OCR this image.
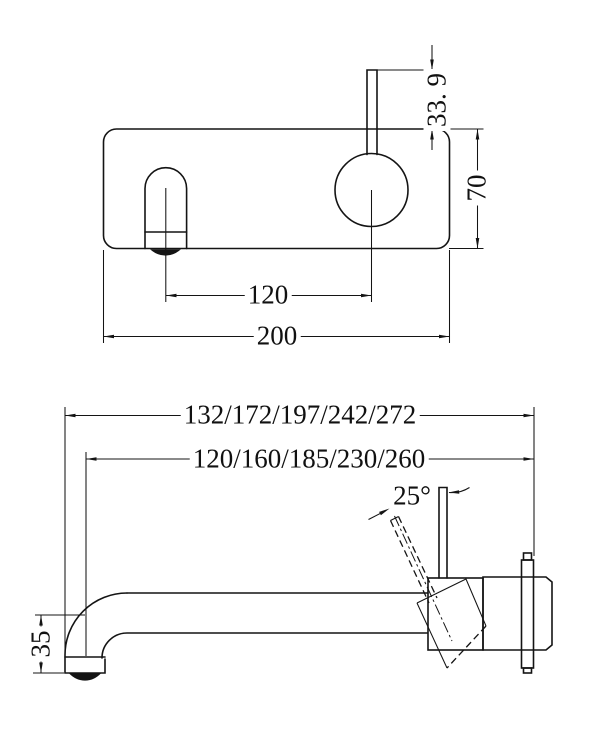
33. 9
70
120
200
132/172/197/242/272
120/160/185/230/260
25°
35
